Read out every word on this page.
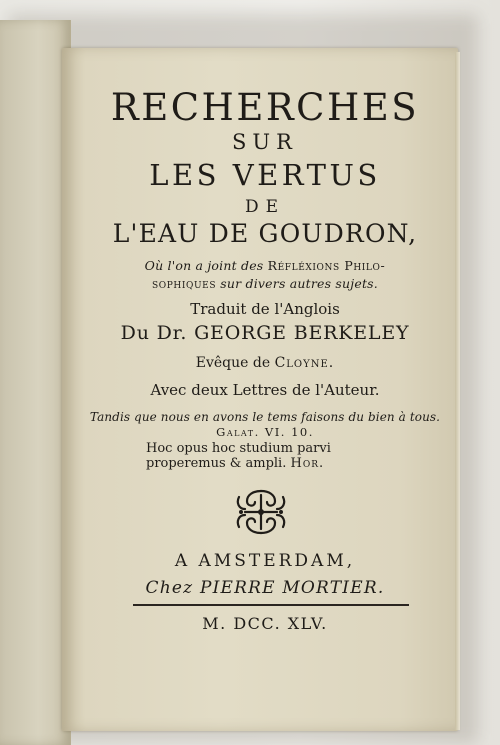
RECHERCHES
SUR
LES VERTUS
DE
L'EAU DE GOUDRON,
Où l'on a joint des Réfléxions Philo-
sophiques sur divers autres sujets.
Traduit de l'Anglois
Du Dr. GEORGE BERKELEY
Evêque de Cloyne.
Avec deux Lettres de l'Auteur.
Tandis que nous en avons le tems faisons du bien à tous.
Galat. VI. 10.
Hoc opus hoc studium parvi properemus & ampli. Hor.
A AMSTERDAM,
Chez PIERRE MORTIER.
M. DCC. XLV.
